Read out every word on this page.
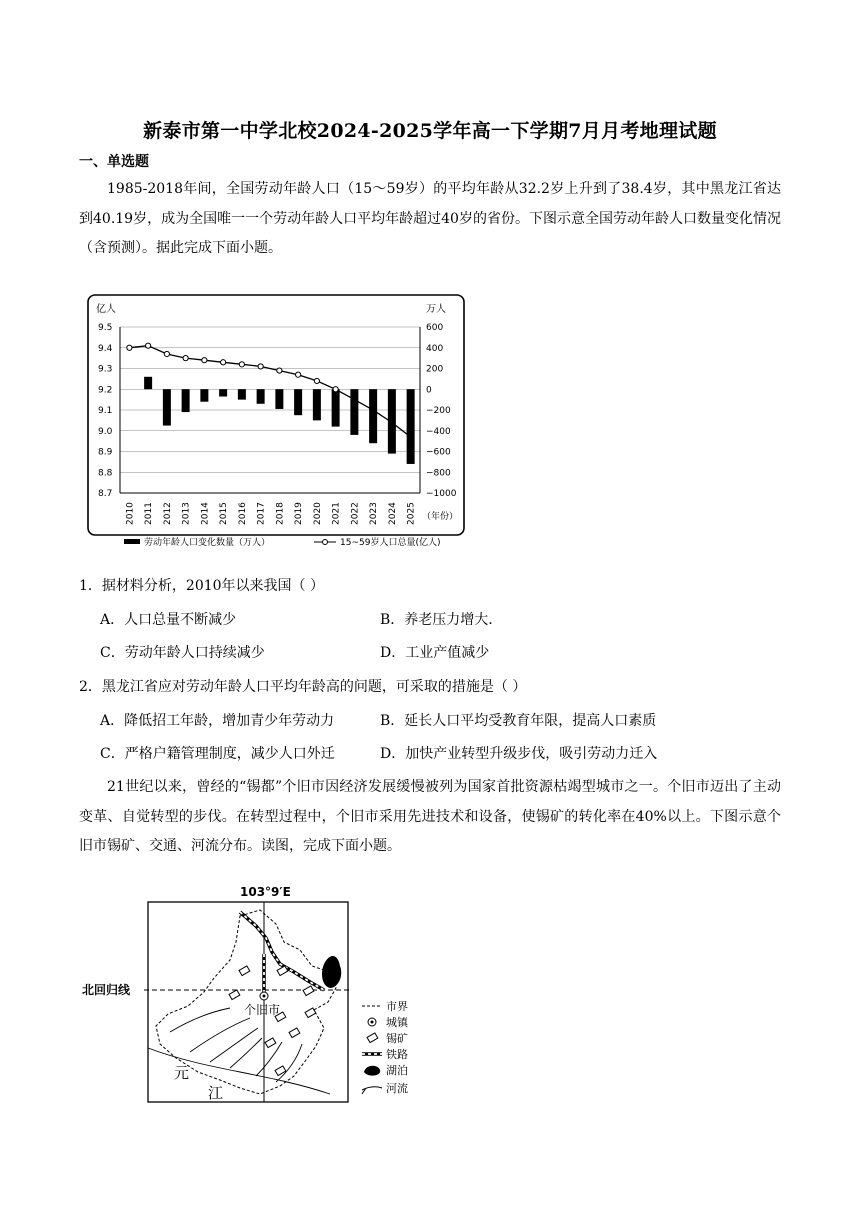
新泰市第一中学北校2024-2025学年高一下学期7月月考地理试题
一、单选题
1985-2018年间，全国劳动年龄人口（15～59岁）的平均年龄从32.2岁上升到了38.4岁，其中黑龙江省达到40.19岁，成为全国唯一一个劳动年龄人口平均年龄超过40岁的省份。下图示意全国劳动年龄人口数量变化情况（含预测）。据此完成下面小题。
亿人	万人
9.5
9.4
9.3
9.2
9.1
9.0
8.9
8.8
8.7
600
400
200
0
−200
−400
−600
−800
−1000
2010 2011 2012 2013 2014 2015 2016 2017 2018 2019 2020 2021 2022 2023 2024 2025 （年份）
劳动年龄人口变化数量（万人）	15~59岁人口总量(亿人)
1．据材料分析，2010年以来我国（ ）
A．人口总量不断减少	B．养老压力增大.
C．劳动年龄人口持续减少	D．工业产值减少
2．黑龙江省应对劳动年龄人口平均年龄高的问题，可采取的措施是（ ）
A．降低招工年龄，增加青少年劳动力	B．延长人口平均受教育年限，提高人口素质
C．严格户籍管理制度，减少人口外迁	D．加快产业转型升级步伐，吸引劳动力迁入
21世纪以来，曾经的“锡都”个旧市因经济发展缓慢被列为国家首批资源枯竭型城市之一。个旧市迈出了主动变革、自觉转型的步伐。在转型过程中，个旧市采用先进技术和设备，使锡矿的转化率在40%以上。下图示意个旧市锡矿、交通、河流分布。读图，完成下面小题。
103°9′E
北回归线
个旧市
元
江
市界
城镇
锡矿
铁路
湖泊
河流
